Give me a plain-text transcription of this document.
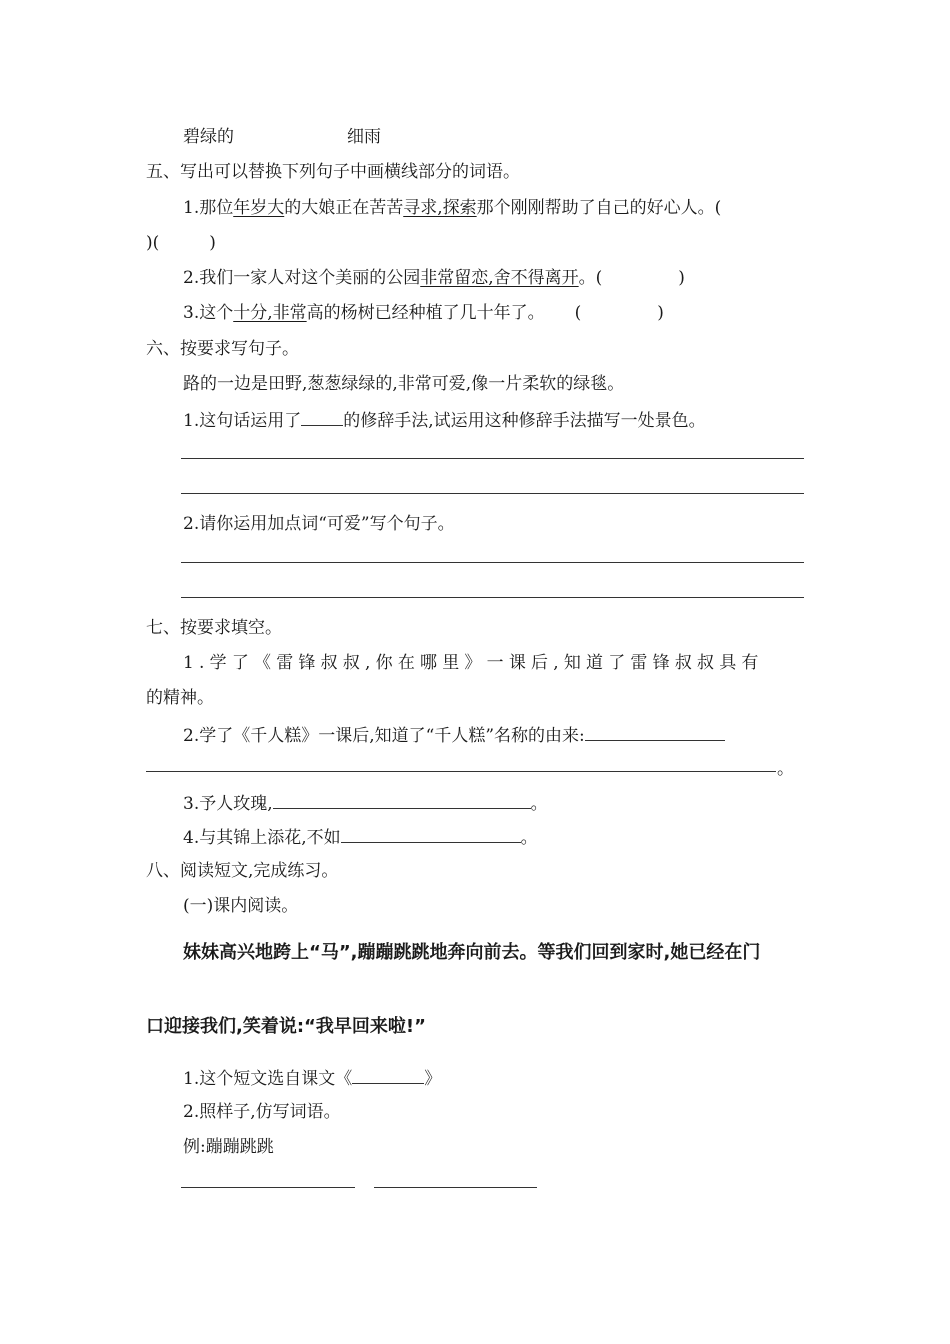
碧绿的	细雨
五、写出可以替换下列句子中画横线部分的词语。
1.那位年岁大的大娘正在苦苦寻求,探索那个刚刚帮助了自己的好心人。(
)(	)
2.我们一家人对这个美丽的公园非常留恋,舍不得离开。(	)
3.这个十分,非常高的杨树已经种植了几十年了。 (	)
六、按要求写句子。
路的一边是田野,葱葱绿绿的,非常可爱,像一片柔软的绿毯。
1.这句话运用了 的修辞手法,试运用这种修辞手法描写一处景色。
2.请你运用加点词“可爱”写个句子。
七、按要求填空。
1.学了《雷锋叔叔,你在哪里》一课后,知道了雷锋叔叔具有
的精神。
2.学了《千人糕》一课后,知道了“千人糕”名称的由来:
。
3.予人玫瑰,	。
4.与其锦上添花,不如	。
八、阅读短文,完成练习。
(一)课内阅读。
妹妹高兴地跨上“马”,蹦蹦跳跳地奔向前去。等我们回到家时,她已经在门
口迎接我们,笑着说:“我早回来啦!”
1.这个短文选自课文《	》
2.照样子,仿写词语。
例:蹦蹦跳跳
